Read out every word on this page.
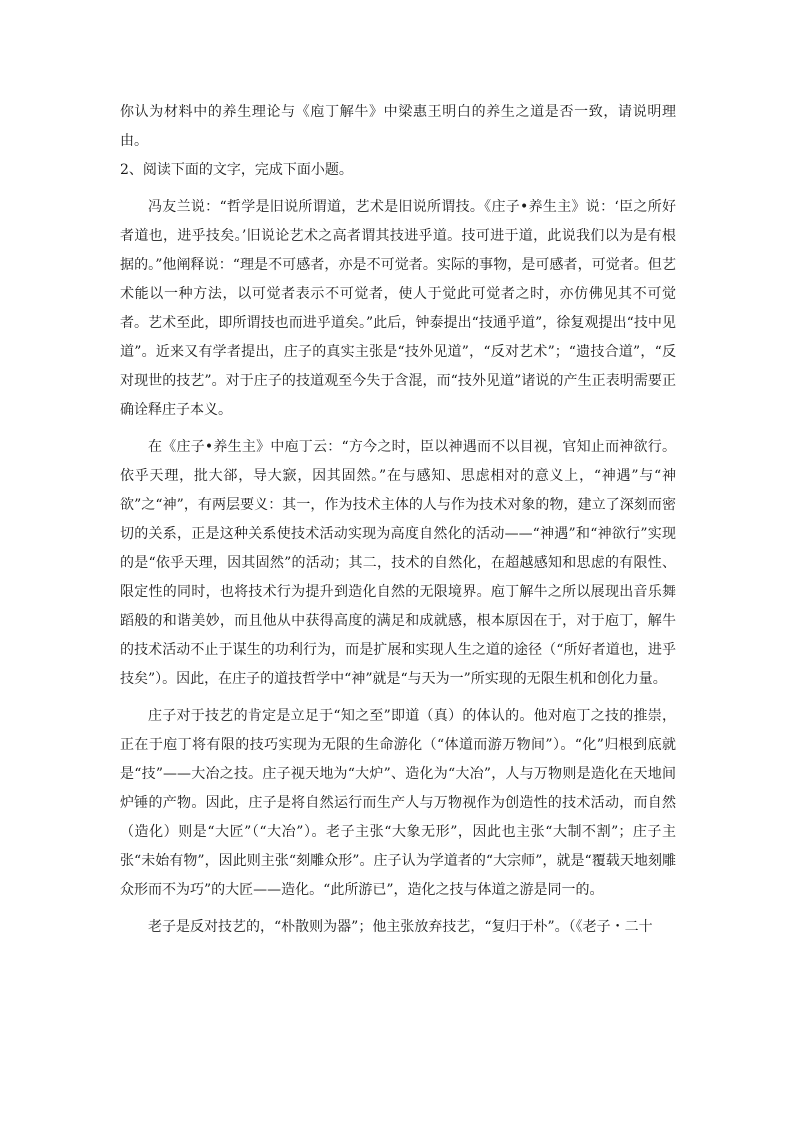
你认为材料中的养生理论与《庖丁解牛》中梁惠王明白的养生之道是否一致，请说明理由。

2、阅读下面的文字，完成下面小题。

冯友兰说：“哲学是旧说所谓道，艺术是旧说所谓技。《庄子•养生主》说：‘臣之所好者道也，进乎技矣。’旧说论艺术之高者谓其技进乎道。技可进于道，此说我们以为是有根据的。”他阐释说：“理是不可感者，亦是不可觉者。实际的事物，是可感者，可觉者。但艺术能以一种方法，以可觉者表示不可觉者，使人于觉此可觉者之时，亦仿佛见其不可觉者。艺术至此，即所谓技也而进乎道矣。”此后，钟泰提出“技通乎道”，徐复观提出“技中见道”。近来又有学者提出，庄子的真实主张是“技外见道”，“反对艺术”；“遗技合道”，“反对现世的技艺”。对于庄子的技道观至今失于含混，而“技外见道”诸说的产生正表明需要正确诠释庄子本义。

在《庄子•养生主》中庖丁云：“方今之时，臣以神遇而不以目视，官知止而神欲行。依乎天理，批大郤，导大窾，因其固然。”在与感知、思虑相对的意义上，“神遇”与“神欲”之“神”，有两层要义：其一，作为技术主体的人与作为技术对象的物，建立了深刻而密切的关系，正是这种关系使技术活动实现为高度自然化的活动——“神遇”和“神欲行”实现的是“依乎天理，因其固然”的活动；其二，技术的自然化，在超越感知和思虑的有限性、限定性的同时，也将技术行为提升到造化自然的无限境界。庖丁解牛之所以展现出音乐舞蹈般的和谐美妙，而且他从中获得高度的满足和成就感，根本原因在于，对于庖丁，解牛的技术活动不止于谋生的功利行为，而是扩展和实现人生之道的途径（“所好者道也，进乎技矣”）。因此，在庄子的道技哲学中“神”就是“与天为一”所实现的无限生机和创化力量。

庄子对于技艺的肯定是立足于“知之至”即道（真）的体认的。他对庖丁之技的推崇，正在于庖丁将有限的技巧实现为无限的生命游化（“体道而游万物间”）。“化”归根到底就是“技”——大冶之技。庄子视天地为“大炉”、造化为“大冶”，人与万物则是造化在天地间炉锤的产物。因此，庄子是将自然运行而生产人与万物视作为创造性的技术活动，而自然（造化）则是“大匠”（“大冶”）。老子主张“大象无形”，因此也主张“大制不割”；庄子主张“未始有物”，因此则主张“刻雕众形”。庄子认为学道者的“大宗师”，就是“覆载天地刻雕众形而不为巧”的大匠——造化。“此所游已”，造化之技与体道之游是同一的。

老子是反对技艺的，“朴散则为器”；他主张放弃技艺，“复归于朴”。（《老子・二十
